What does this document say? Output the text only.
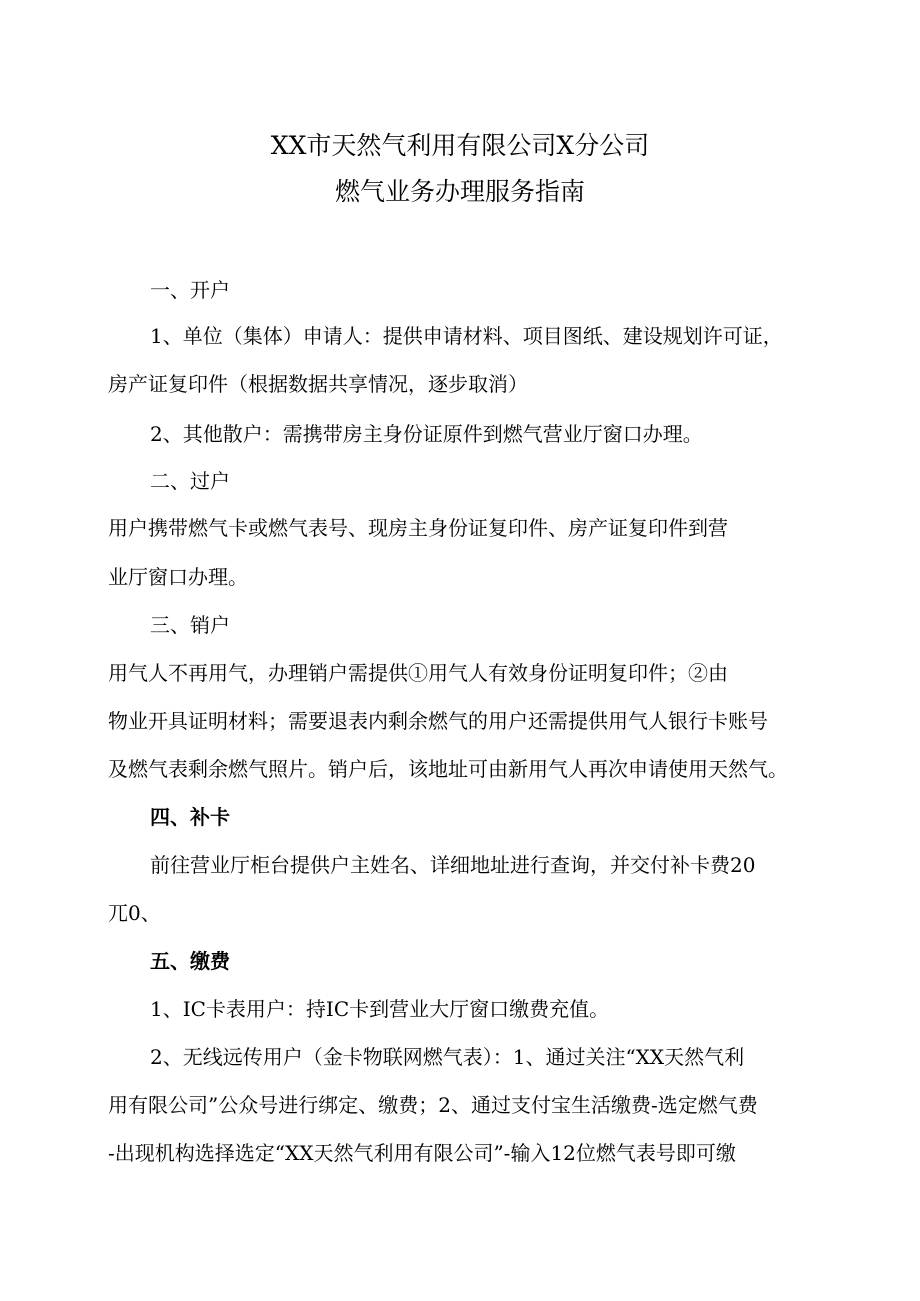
XX市天然气利用有限公司X分公司
燃气业务办理服务指南
一、开户
1、单位（集体）申请人：提供申请材料、项目图纸、建设规划许可证，
房产证复印件（根据数据共享情况，逐步取消）
2、其他散户：需携带房主身份证原件到燃气营业厅窗口办理。
二、过户
用户携带燃气卡或燃气表号、现房主身份证复印件、房产证复印件到营
业厅窗口办理。
三、销户
用气人不再用气，办理销户需提供①用气人有效身份证明复印件；②由
物业开具证明材料；需要退表内剩余燃气的用户还需提供用气人银行卡账号
及燃气表剩余燃气照片。销户后，该地址可由新用气人再次申请使用天然气。
四、补卡
前往营业厅柜台提供户主姓名、详细地址进行查询，并交付补卡费20
兀0、
五、缴费
1、IC卡表用户：持IC卡到营业大厅窗口缴费充值。
2、无线远传用户（金卡物联网燃气表）：1、通过关注“XX天然气利
用有限公司”公众号进行绑定、缴费；2、通过支付宝生活缴费-选定燃气费
-出现机构选择选定“XX天然气利用有限公司”-输入12位燃气表号即可缴
